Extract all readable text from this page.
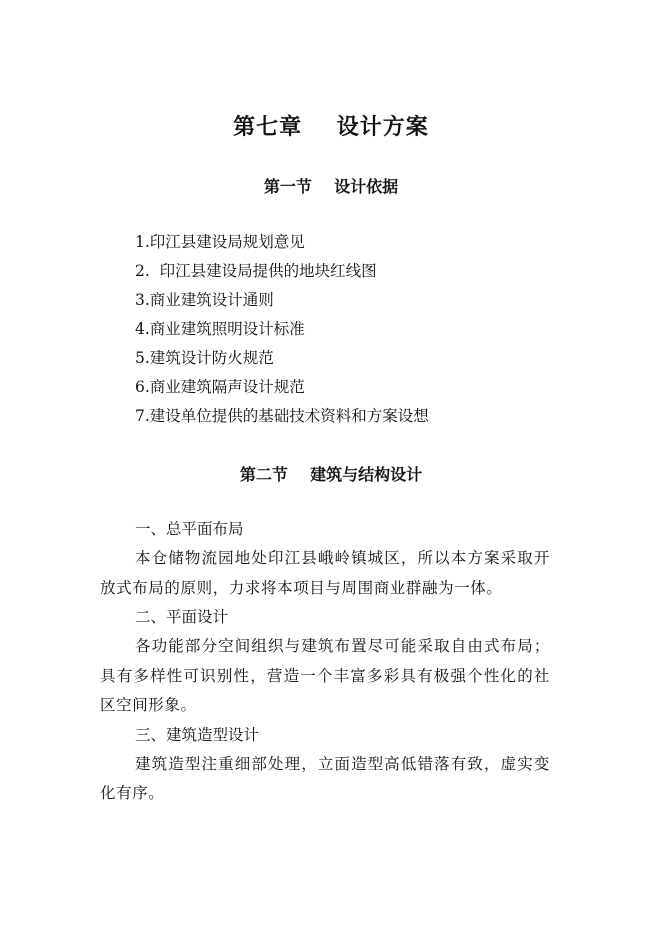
第七章    设计方案
第一节    设计依据
1.印江县建设局规划意见
2.  印江县建设局提供的地块红线图
3.商业建筑设计通则
4.商业建筑照明设计标准
5.建筑设计防火规范
6.商业建筑隔声设计规范
7.建设单位提供的基础技术资料和方案设想
第二节    建筑与结构设计
一、总平面布局

本仓储物流园地处印江县峨岭镇城区，所以本方案采取开放式布局的原则，力求将本项目与周围商业群融为一体。

二、平面设计

各功能部分空间组织与建筑布置尽可能采取自由式布局；具有多样性可识别性，营造一个丰富多彩具有极强个性化的社区空间形象。

三、建筑造型设计

建筑造型注重细部处理，立面造型高低错落有致，虚实变化有序。
